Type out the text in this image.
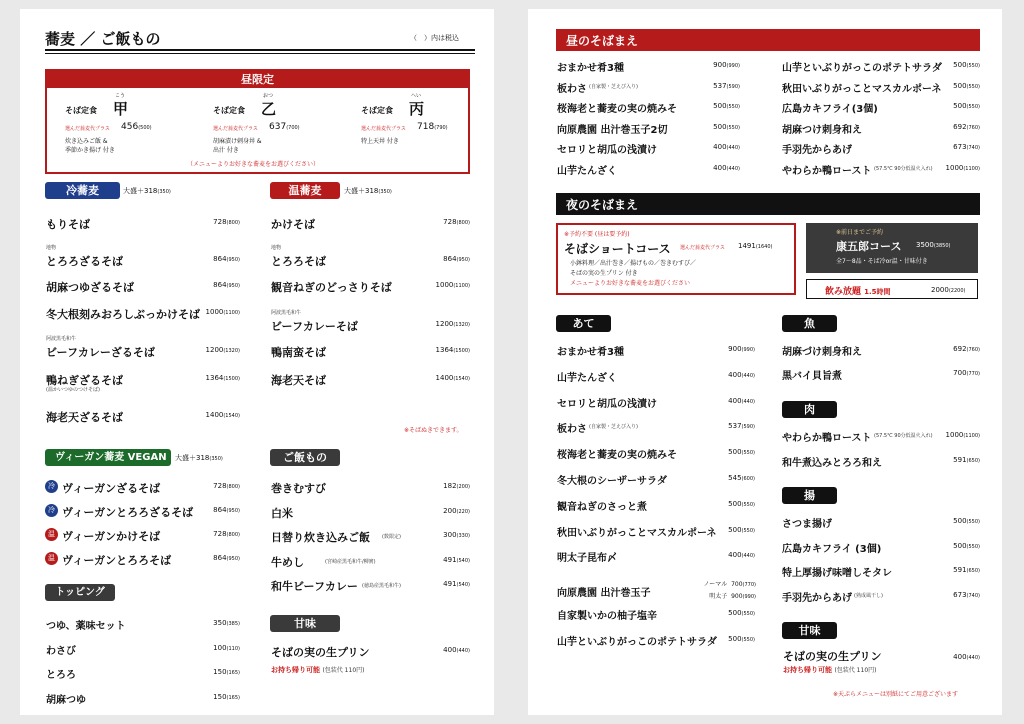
蕎麦 ／ ご飯もの	（　）内は税込
昼限定
こう
そば定食 甲
選んだ蕎麦代プラス 456(500)
炊き込みご飯 &
季節かき揚げ 付き
おつ
そば定食 乙
選んだ蕎麦代プラス 637(700)
胡麻漬け刺身丼 &
出汁 付き
へい
そば定食 丙
選んだ蕎麦代プラス 718(790)
特上天丼 付き
（メニューよりお好きな蕎麦をお選びください）
冷蕎麦	大盛＋318(350)
もりそば	728(800)
地物
とろろざるそば	864(950)
胡麻つゆざるそば	864(950)
冬大根刻みおろしぶっかけそば 1000(1100)
阿波黒毛和牛
ビーフカレーざるそば	1200(1320)
鴨ねぎざるそば
(温かいつゆのつけそば)
1364(1500)
海老天ざるそば	1400(1540)
温蕎麦	大盛＋318(350)
かけそば	728(800)
地物
とろろそば	864(950)
観音ねぎのどっさりそば	1000(1100)
阿波黒毛和牛
ビーフカレーそば	1200(1320)
鴨南蛮そば	1364(1500)
海老天そば	1400(1540)
※そばぬきできます。
ヴィーガン蕎麦 VEGAN	大盛＋318(350)
冷 ヴィーガンざるそば	728(800)
冷 ヴィーガンとろろざるそば	864(950)
温 ヴィーガンかけそば	728(800)
温 ヴィーガンとろろそば	864(950)
トッピング
つゆ、薬味セット	350(385)
わさび	100(110)
とろろ	150(165)
胡麻つゆ	150(165)
ご飯もの
巻きむすび	182(200)
白米	200(220)
日替り炊き込みご飯 (数限定)	300(330)
牛めし	(宮崎産黒毛和牛/柳實)	491(540)
和牛ビーフカレー (徳島産黒毛和牛)	491(540)
甘味
そばの実の生プリン	400(440)
お持ち帰り可能 (包装代 110円)
昼のそばまえ
おまかせ肴3種	900(990)
板わさ (自家製・芝えび入り)	537(590)
桜海老と蕎麦の実の焼みそ	500(550)
向原農園 出汁巻玉子2切	500(550)
セロリと胡瓜の浅漬け	400(440)
山芋たんざく	400(440)
山芋といぶりがっこのポテトサラダ	500(550)
秋田いぶりがっことマスカルポーネ	500(550)
広島カキフライ(3個)	500(550)
胡麻つけ刺身和え	692(760)
手羽先からあげ	673(740)
やわらか鴨ロースト (57.5℃ 90分低温火入れ)	1000(1100)
夜のそばまえ
※予約不要 (昼は要予約)
そばショートコース 選んだ蕎麦代プラス 1491(1640)
小鉢料理／出汁巻き／揚げもの／巻きむすび／
そばの実の生プリン 付き
メニューよりお好きな蕎麦をお選びください
※前日までご予約
康五郎コース 3500(3850)
全7〜8品・そば冷or温・甘味付き
飲み放題 1.5時間	2000(2200)
あて
おまかせ肴3種	900(990)
山芋たんざく	400(440)
セロリと胡瓜の浅漬け	400(440)
板わさ (自家製・芝えび入り)	537(590)
桜海老と蕎麦の実の焼みそ	500(550)
冬大根のシーザーサラダ	545(600)
観音ねぎのさっと煮	500(550)
秋田いぶりがっことマスカルポーネ	500(550)
明太子昆布〆	400(440)
向原農園 出汁巻玉子
ノーマル 700(770)
明太子 900(990)
自家製いかの柚子塩辛	500(550)
山芋といぶりがっこのポテトサラダ	500(550)
魚
胡麻づけ刺身和え	692(760)
黒バイ貝旨煮	700(770)
肉
やわらか鴨ロースト (57.5℃ 90分低温火入れ)	1000(1100)
和牛煮込みとろろ和え	591(650)
揚
さつま揚げ	500(550)
広島カキフライ (3個)	500(550)
特上厚揚げ味噌しそタレ	591(650)
手羽先からあげ (熟成風干し)	673(740)
甘味
そばの実の生プリン	400(440)
お持ち帰り可能 (包装代 110円)
※天ぷらメニューは別紙にてご用意ございます
